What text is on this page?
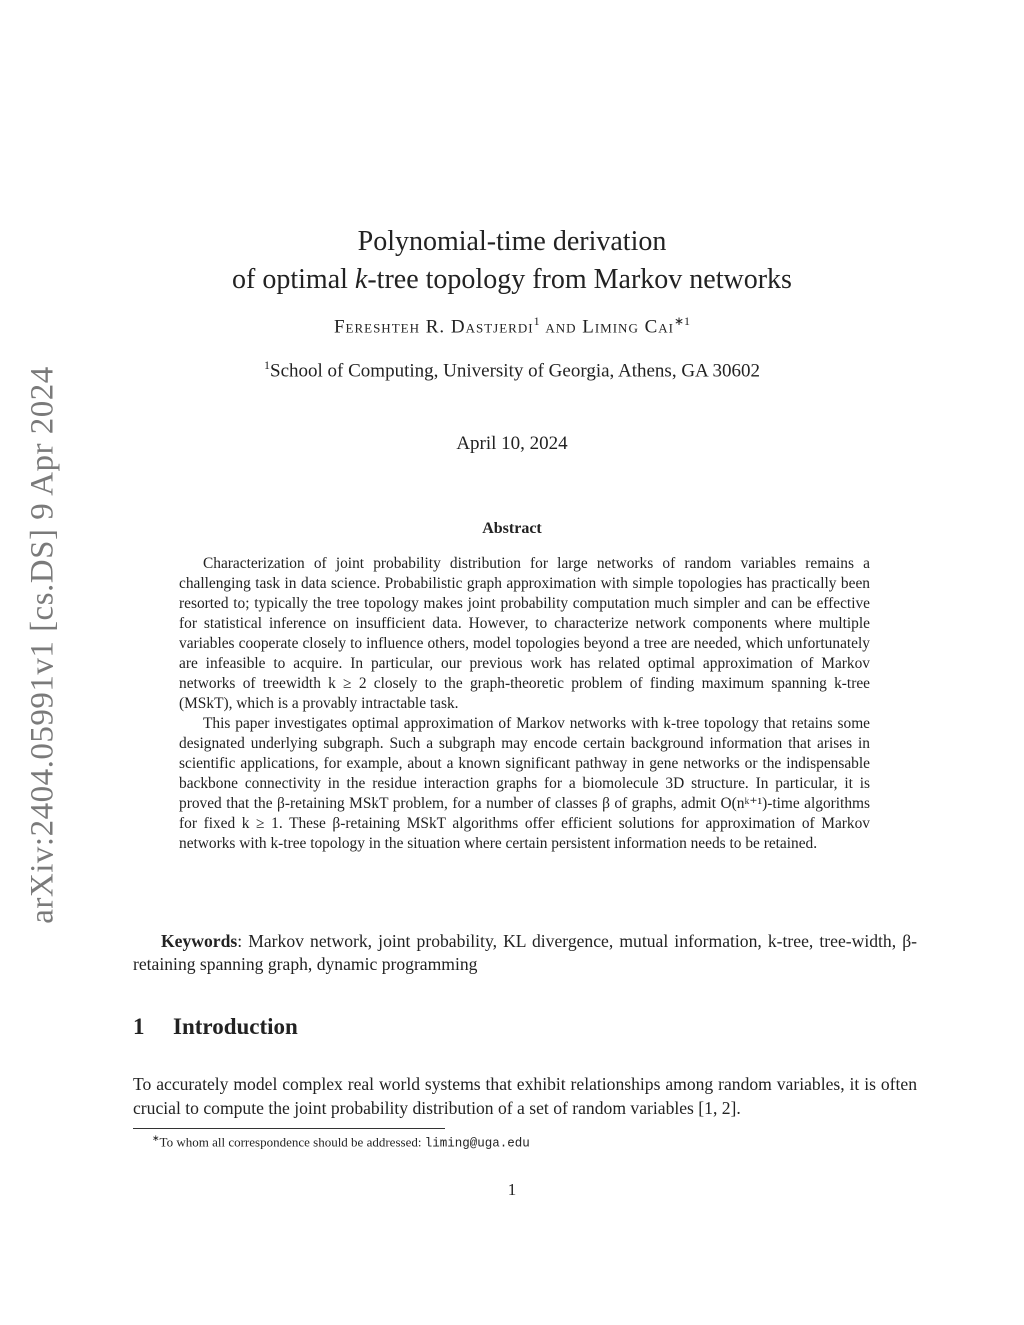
arXiv:2404.05991v1 [cs.DS] 9 Apr 2024
Polynomial-time derivation
of optimal k-tree topology from Markov networks
Fereshteh R. Dastjerdi$^1$ and Liming Cai$^{∗1}$
$^1$School of Computing, University of Georgia, Athens, GA 30602
April 10, 2024
Abstract

Characterization of joint probability distribution for large networks of random variables remains a challenging task in data science. Probabilistic graph approximation with simple topologies has practically been resorted to; typically the tree topology makes joint probability computation much simpler and can be effective for statistical inference on insufficient data. However, to characterize network components where multiple variables cooperate closely to influence others, model topologies beyond a tree are needed, which unfortunately are infeasible to acquire. In particular, our previous work has related optimal approximation of Markov networks of treewidth k ≥ 2 closely to the graph-theoretic problem of finding maximum spanning k-tree (MSkT), which is a provably intractable task.

This paper investigates optimal approximation of Markov networks with k-tree topology that retains some designated underlying subgraph. Such a subgraph may encode certain background information that arises in scientific applications, for example, about a known significant pathway in gene networks or the indispensable backbone connectivity in the residue interaction graphs for a biomolecule 3D structure. In particular, it is proved that the β-retaining MSkT problem, for a number of classes β of graphs, admit O(nᵏ⁺¹)-time algorithms for fixed k ≥ 1. These β-retaining MSkT algorithms offer efficient solutions for approximation of Markov networks with k-tree topology in the situation where certain persistent information needs to be retained.

Keywords: Markov network, joint probability, KL divergence, mutual information, k-tree, tree-width, β-retaining spanning graph, dynamic programming
1 Introduction
To accurately model complex real world systems that exhibit relationships among random variables, it is often crucial to compute the joint probability distribution of a set of random variables [1, 2].
∗To whom all correspondence should be addressed: liming@uga.edu
1
